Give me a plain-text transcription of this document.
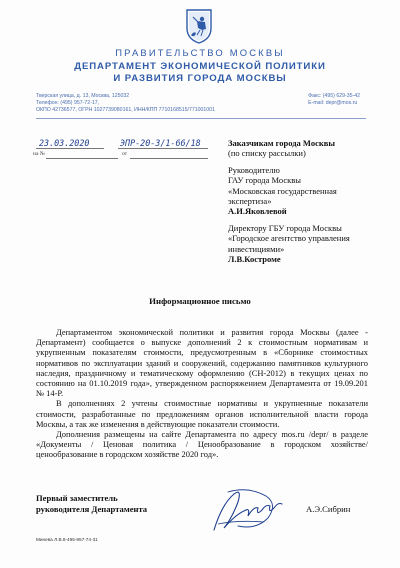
ПРАВИТЕЛЬСТВО МОСКВЫ
ДЕПАРТАМЕНТ ЭКОНОМИЧЕСКОЙ ПОЛИТИКИ
И РАЗВИТИЯ ГОРОДА МОСКВЫ
Тверская улица, д. 13, Москва, 125032
Телефон: (495) 957-72-17,
ОКПО 42736577, ОГРН 1027739080161, ИНН/КПП 7710168515/771001001
Факс: (495) 629-35-42
E-mail: depr@mos.ru
23.03.2020	ЭПР-20-3/1-66/18
на №	от
Заказчикам города Москвы
(по списку рассылки)
Руководителю
ГАУ города Москвы
«Московская государственная
экспертиза»
А.И.Яковлевой
Директору ГБУ города Москвы
«Городское агентство управления
инвестициями»
Л.В.Костроме
Информационное письмо

Департаментом экономической политики и развития города Москвы (далее - Департамент) сообщается о выпуске дополнений 2 к стоимостным нормативам и укрупненным показателям стоимости, предусмотренным в «Сборнике стоимостных нормативов по эксплуатации зданий и сооружений, содержанию памятников культурного наследия, праздничному и тематическому оформлению (СН-2012) в текущих ценах по состоянию на 01.10.2019 года», утвержденном распоряжением Департамента от 19.09.201 № 14-Р.

В дополнениях 2 учтены стоимостные нормативы и укрупненные показатели стоимости, разработанные по предложениям органов исполнительной власти города Москвы, а так же изменения в действующие показатели стоимости.

Дополнения размещены на сайте Департамента по адресу mos.ru /depr/ в разделе «Документы / Ценовая политика / Ценообразование в городском хозяйстве/ценообразование в городском хозяйстве 2020 год».

Первый заместитель
руководителя Департамента	А.Э.Сибрин
Минева Л.В.8-495-957-74-31
